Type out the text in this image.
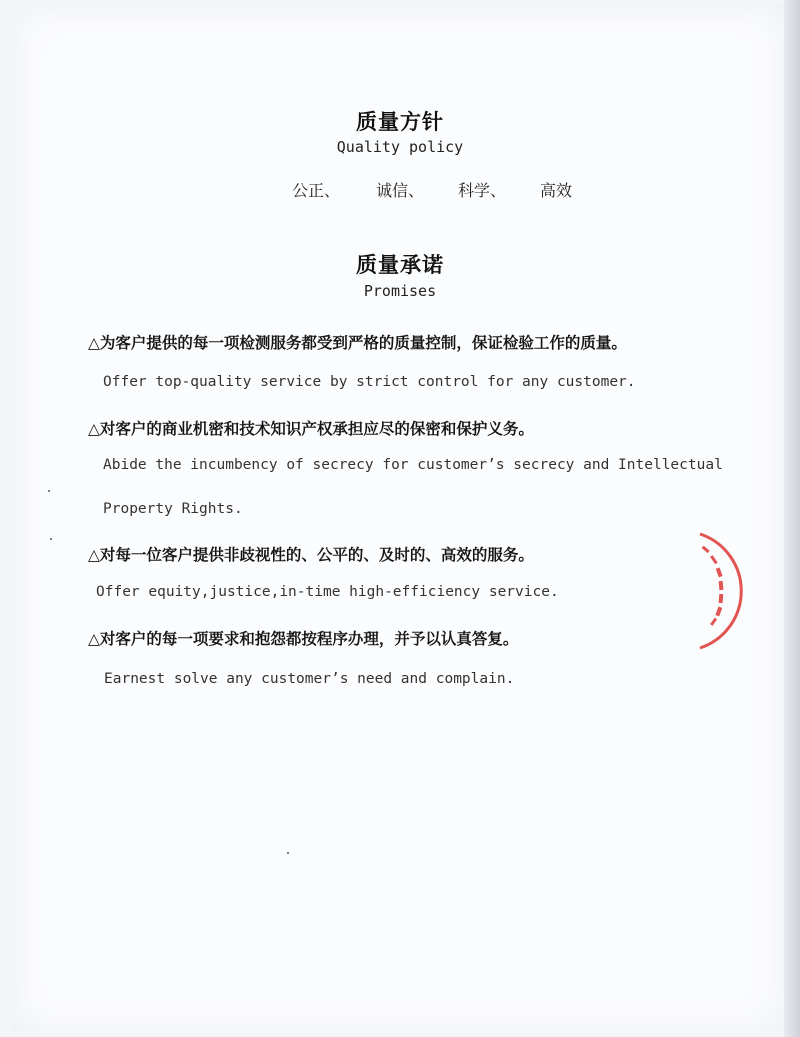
质量方针
Quality policy
公正、 诚信、 科学、 高效
质量承诺
Promises
△为客户提供的每一项检测服务都受到严格的质量控制，保证检验工作的质量。
Offer top-quality service by strict control for any customer.
△对客户的商业机密和技术知识产权承担应尽的保密和保护义务。
Abide the incumbency of secrecy for customer’s secrecy and Intellectual
Property Rights.
△对每一位客户提供非歧视性的、公平的、及时的、高效的服务。
Offer equity,justice,in-time high-efficiency service.
△对客户的每一项要求和抱怨都按程序办理，并予以认真答复。
Earnest solve any customer’s need and complain.
